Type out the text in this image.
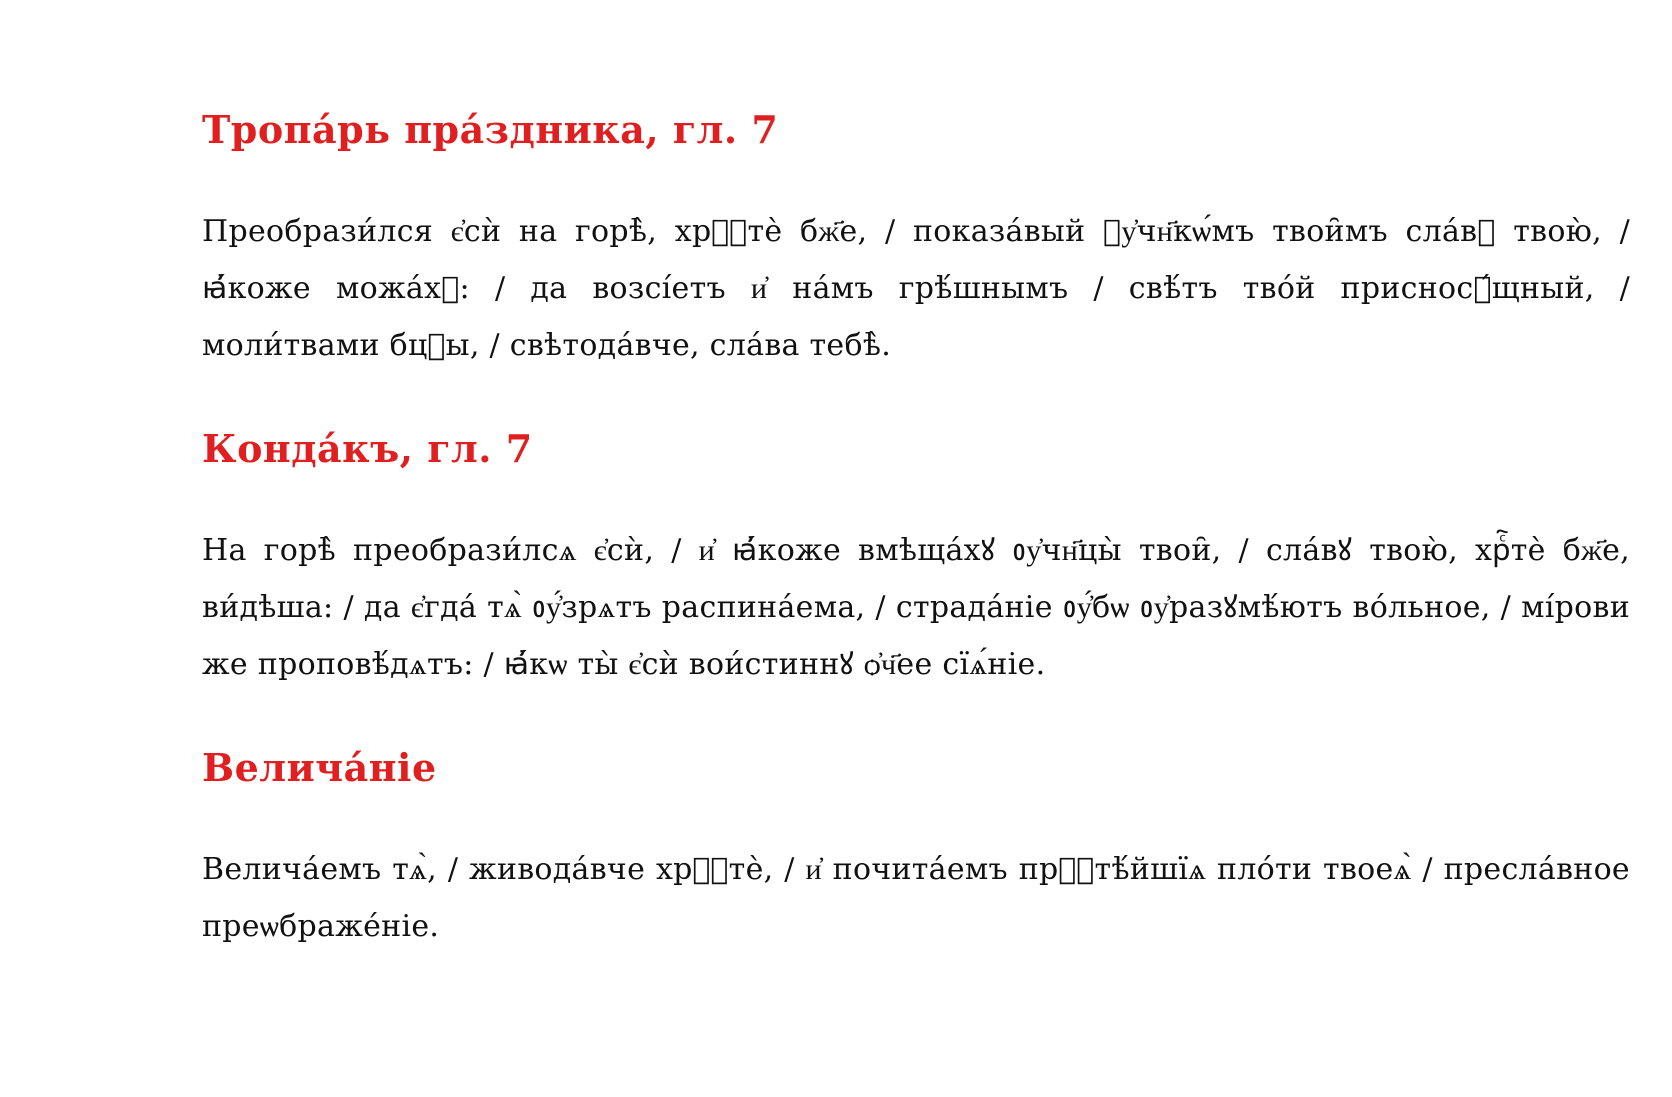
Тропа́рь пра́здника, гл. 7

Преобрази́лся є҆сѝ на горѣ̀, хрⷭ҇тѐ бж҃е, / показа́вый ᲂу҆чн҃кѡ́мъ твои̑мъ сла́вꙋ твою̀, / ꙗ҆́коже можа́хꙋ: / да возсі́етъ и҆ на́мъ грѣ́шнымъ / свѣ́тъ тво́й присносꙋ́щный, / моли́твами бцⷣы, / свѣтода́вче, сла́ва тебѣ̀.

Конда́къ, гл. 7

На горѣ̀ преобрази́лсѧ є҆сѝ, / и҆ ꙗ҆́коже вмѣща́хꙋ ᲂу҆чн҃цы̀ твои̑, / сла́вꙋ твою̀, хрⷭ҇тѐ бж҃е, ви́дѣша: / да є҆гда́ тѧ̀ ᲂу҆́зрѧтъ распина́ема, / страда́ніе ᲂу҆́бѡ ᲂу҆разꙋмѣ́ютъ во́льное, / мі́рови же проповѣ́дѧтъ: / ꙗ҆́кѡ ты̀ є҆сѝ вои́стиннꙋ ѻ҆ч҃ее сїѧ́ніе.

Велича́ніе

Велича́емъ тѧ̀, / живода́вче хрⷭ҇тѐ, / и҆ почита́емъ прⷭ҇тѣ́йшїѧ пло́ти твоеѧ̀ / пресла́вное преѡбраже́ніе.
